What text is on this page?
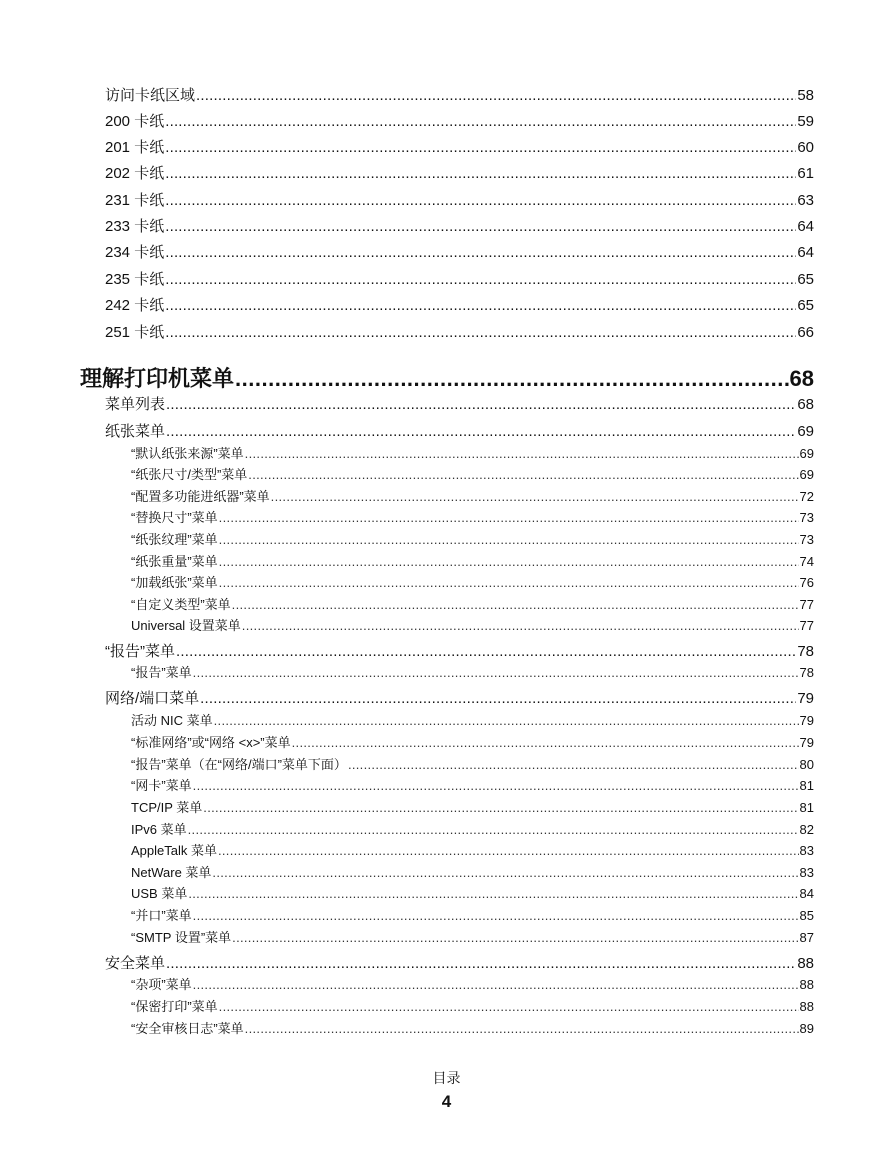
访问卡纸区域 .....	58
200 卡纸 .....	59
201 卡纸 .....	60
202 卡纸 .....	61
231 卡纸 .....	63
233 卡纸 .....	64
234 卡纸 .....	64
235 卡纸 .....	65
242 卡纸 .....	65
251 卡纸 .....	66
理解打印机菜单 .....	68
菜单列表 .....	68
纸张菜单 .....	69
“默认纸张来源”菜单 .....	69
“纸张尺寸/类型”菜单 .....	69
“配置多功能进纸器”菜单 .....	72
“替换尺寸”菜单 .....	73
“纸张纹理”菜单 .....	73
“纸张重量”菜单 .....	74
“加载纸张”菜单 .....	76
“自定义类型”菜单 .....	77
Universal 设置菜单 .....	77
“报告”菜单 .....	78
“报告”菜单 .....	78
网络/端口菜单 .....	79
活动 NIC 菜单 .....	79
“标准网络”或“网络 <x>”菜单 .....	79
“报告”菜单（在“网络/端口”菜单下面） .....	80
“网卡”菜单 .....	81
TCP/IP 菜单 .....	81
IPv6 菜单 .....	82
AppleTalk 菜单 .....	83
NetWare 菜单 .....	83
USB 菜单 .....	84
“并口”菜单 .....	85
“SMTP 设置”菜单 .....	87
安全菜单 .....	88
“杂项”菜单 .....	88
“保密打印”菜单 .....	88
“安全审核日志”菜单 .....	89
目录
4
